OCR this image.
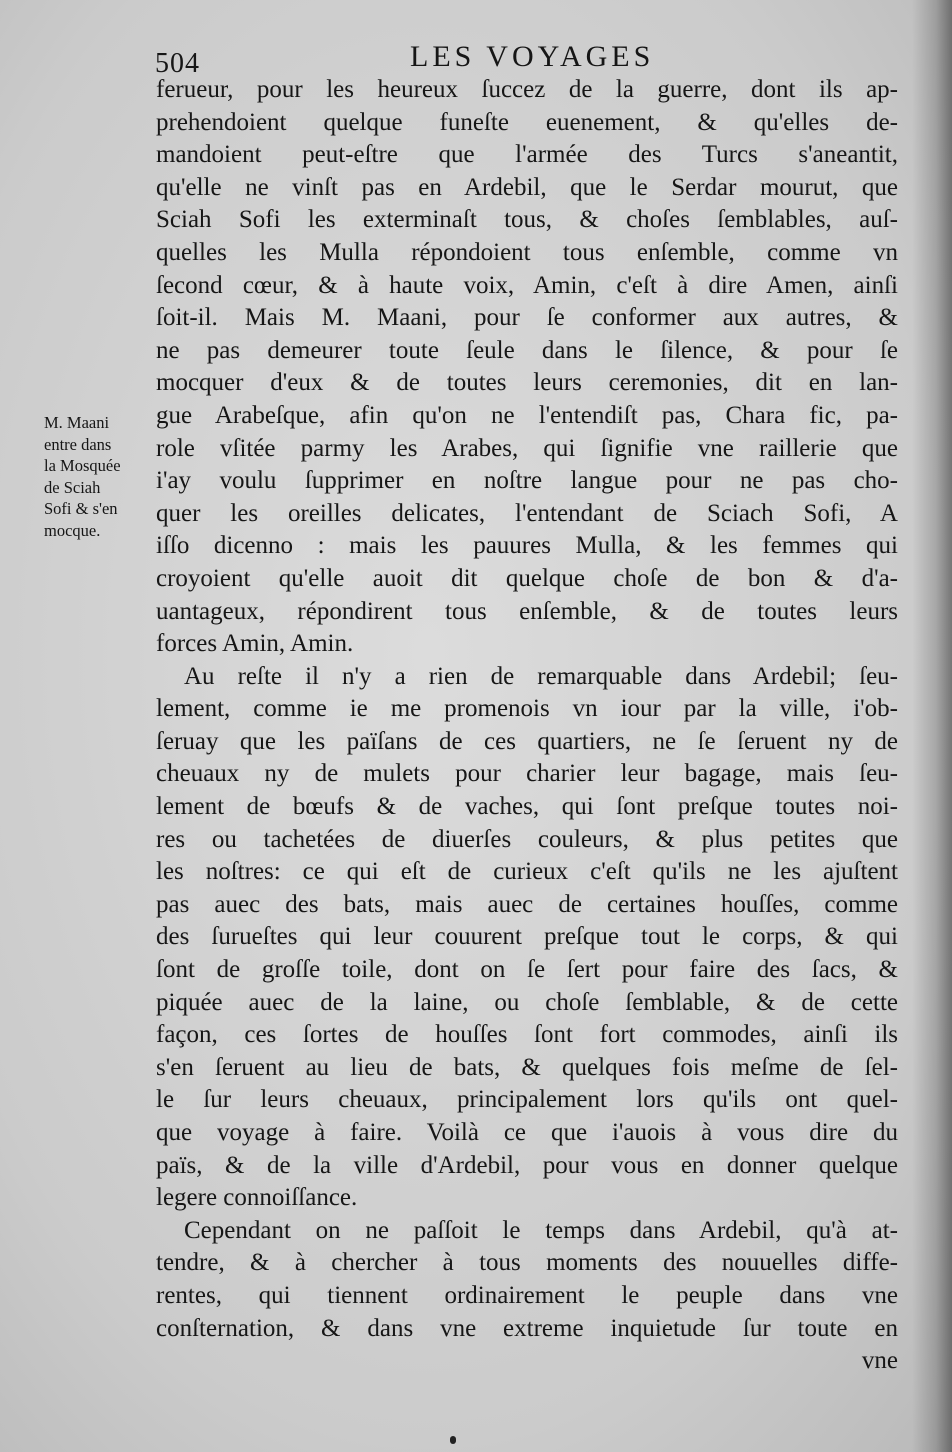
504	LES VOYAGES
M. Maani
entre dans
la Mosquée
de Sciah
Sofi & s'en
mocque.
ferueur, pour les heureux ſuccez de la guerre, dont ils ap-
prehendoient quelque funeſte euenement, & qu'elles de-
mandoient peut-eſtre que l'armée des Turcs s'aneantit,
qu'elle ne vinſt pas en Ardebil, que le Serdar mourut, que
Sciah Sofi les exterminaſt tous, & choſes ſemblables, auſ-
quelles les Mulla répondoient tous enſemble, comme vn
ſecond cœur, & à haute voix, Amin, c'eſt à dire Amen, ainſi
ſoit-il. Mais M. Maani, pour ſe conformer aux autres, &
ne pas demeurer toute ſeule dans le ſilence, & pour ſe
mocquer d'eux & de toutes leurs ceremonies, dit en lan-
gue Arabeſque, afin qu'on ne l'entendiſt pas, Chara fic, pa-
role vſitée parmy les Arabes, qui ſignifie vne raillerie que
i'ay voulu ſupprimer en noſtre langue pour ne pas cho-
quer les oreilles delicates, l'entendant de Sciach Sofi, A
iſſo dicenno : mais les pauures Mulla, & les femmes qui
croyoient qu'elle auoit dit quelque choſe de bon & d'a-
uantageux, répondirent tous enſemble, & de toutes leurs
forces Amin, Amin.
Au reſte il n'y a rien de remarquable dans Ardebil; ſeu-
lement, comme ie me promenois vn iour par la ville, i'ob-
ſeruay que les païſans de ces quartiers, ne ſe ſeruent ny de
cheuaux ny de mulets pour charier leur bagage, mais ſeu-
lement de bœufs & de vaches, qui ſont preſque toutes noi-
res ou tachetées de diuerſes couleurs, & plus petites que
les noſtres: ce qui eſt de curieux c'eſt qu'ils ne les ajuſtent
pas auec des bats, mais auec de certaines houſſes, comme
des ſurueſtes qui leur couurent preſque tout le corps, & qui
ſont de groſſe toile, dont on ſe ſert pour faire des ſacs, &
piquée auec de la laine, ou choſe ſemblable, & de cette
façon, ces ſortes de houſſes ſont fort commodes, ainſi ils
s'en ſeruent au lieu de bats, & quelques fois meſme de ſel-
le ſur leurs cheuaux, principalement lors qu'ils ont quel-
que voyage à faire. Voilà ce que i'auois à vous dire du
païs, & de la ville d'Ardebil, pour vous en donner quelque
legere connoiſſance.
Cependant on ne paſſoit le temps dans Ardebil, qu'à at-
tendre, & à chercher à tous moments des nouuelles diffe-
rentes, qui tiennent ordinairement le peuple dans vne
conſternation, & dans vne extreme inquietude ſur toute en
vne
